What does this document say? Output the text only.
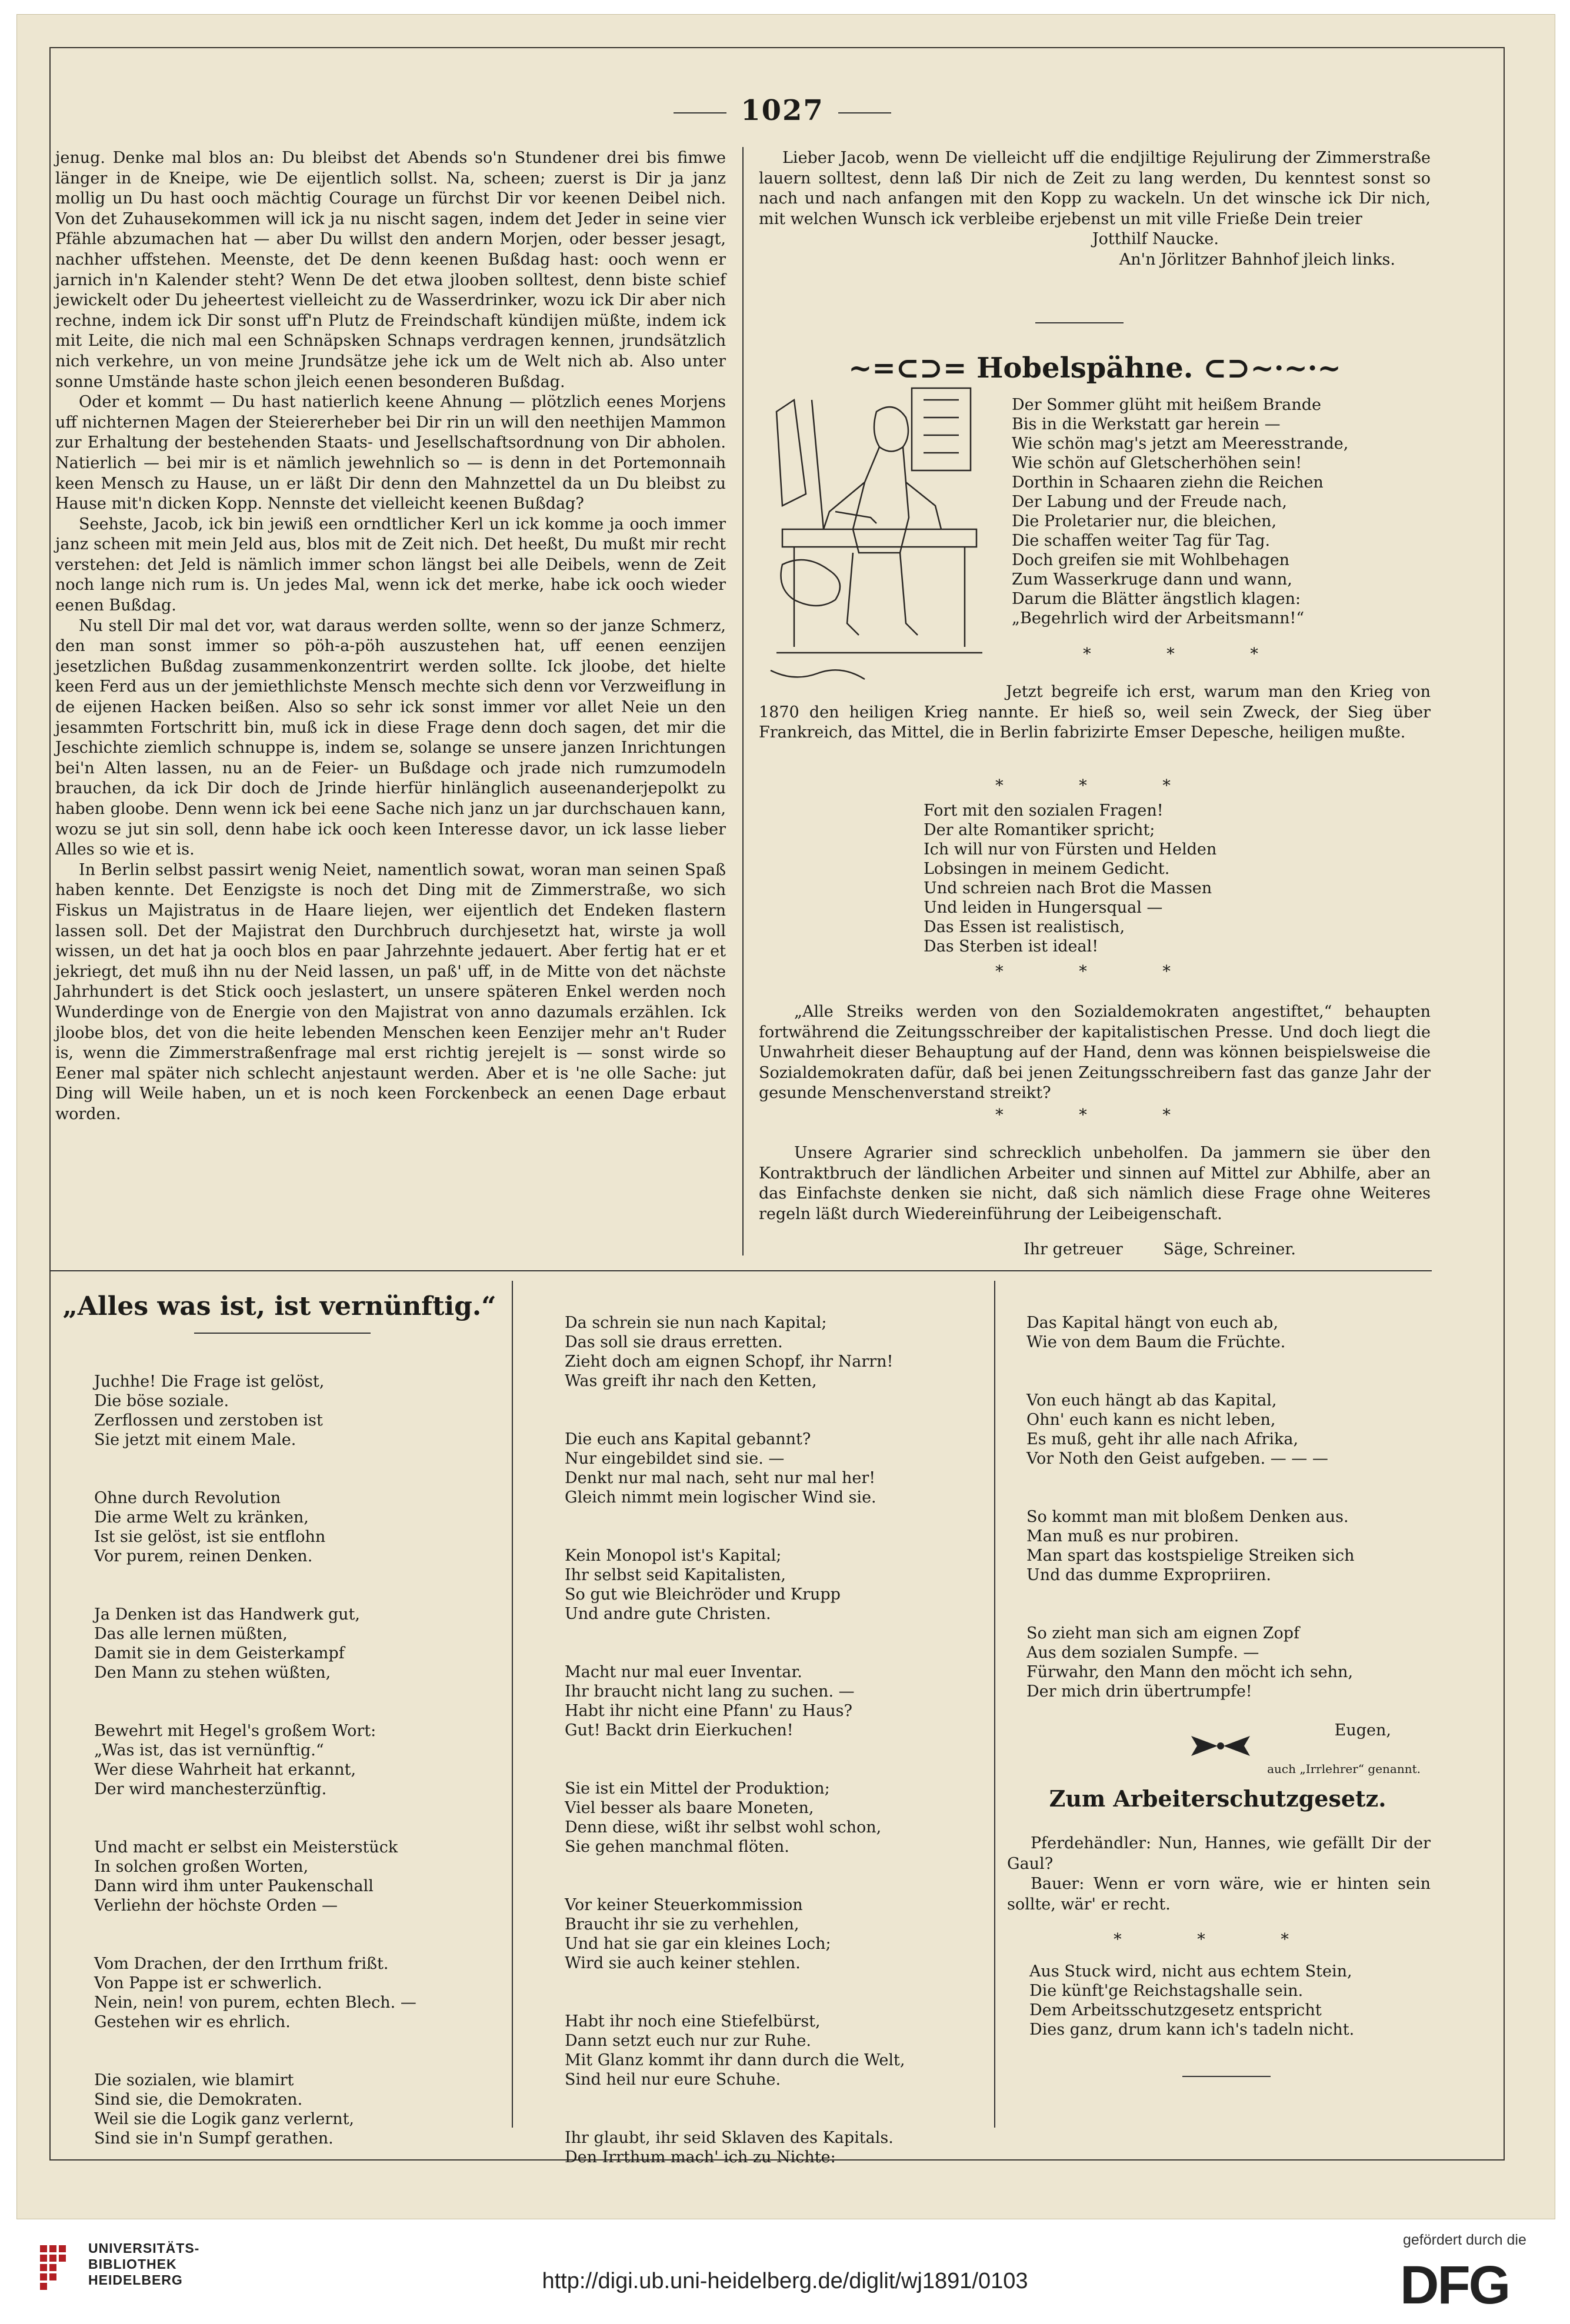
1027

jenug. Denke mal blos an: Du bleibst det Abends so'n Stundener drei bis fimwe länger in de Kneipe, wie De eijentlich sollst. Na, scheen; zuerst is Dir ja janz mollig un Du hast ooch mächtig Courage un fürchst Dir vor keenen Deibel nich. Von det Zuhausekommen will ick ja nu nischt sagen, indem det Jeder in seine vier Pfähle abzumachen hat — aber Du willst den andern Morjen, oder besser jesagt, nachher uffstehen. Meenste, det De denn keenen Bußdag hast: ooch wenn er jarnich in'n Kalender steht? Wenn De det etwa jlooben solltest, denn biste schief jewickelt oder Du jeheertest vielleicht zu de Wasserdrinker, wozu ick Dir aber nich rechne, indem ick Dir sonst uff'n Plutz de Freindschaft kündijen müßte, indem ick mit Leite, die nich mal een Schnäpsken Schnaps verdragen kennen, jrundsätzlich nich verkehre, un von meine Jrundsätze jehe ick um de Welt nich ab. Also unter sonne Umstände haste schon jleich eenen besonderen Bußdag.

Oder et kommt — Du hast natierlich keene Ahnung — plötzlich eenes Morjens uff nichternen Magen der Steiererheber bei Dir rin un will den neethijen Mammon zur Erhaltung der bestehenden Staats- und Jesellschaftsordnung von Dir abholen. Natierlich — bei mir is et nämlich jewehnlich so — is denn in det Portemonnaih keen Mensch zu Hause, un er läßt Dir denn den Mahnzettel da un Du bleibst zu Hause mit'n dicken Kopp. Nennste det vielleicht keenen Bußdag?

Seehste, Jacob, ick bin jewiß een orndtlicher Kerl un ick komme ja ooch immer janz scheen mit mein Jeld aus, blos mit de Zeit nich. Det heeßt, Du mußt mir recht verstehen: det Jeld is nämlich immer schon längst bei alle Deibels, wenn de Zeit noch lange nich rum is. Un jedes Mal, wenn ick det merke, habe ick ooch wieder eenen Bußdag.

Nu stell Dir mal det vor, wat daraus werden sollte, wenn so der janze Schmerz, den man sonst immer so pöh-a-pöh auszustehen hat, uff eenen eenzijen jesetzlichen Bußdag zusammenkonzentrirt werden sollte. Ick jloobe, det hielte keen Ferd aus un der jemiethlichste Mensch mechte sich denn vor Verzweiflung in de eijenen Hacken beißen. Also so sehr ick sonst immer vor allet Neie un den jesammten Fortschritt bin, muß ick in diese Frage denn doch sagen, det mir die Jeschichte ziemlich schnuppe is, indem se, solange se unsere janzen Inrichtungen bei'n Alten lassen, nu an de Feier- un Bußdage och jrade nich rumzumodeln brauchen, da ick Dir doch de Jrinde hierfür hinlänglich auseenanderjepolkt zu haben gloobe. Denn wenn ick bei eene Sache nich janz un jar durchschauen kann, wozu se jut sin soll, denn habe ick ooch keen Interesse davor, un ick lasse lieber Alles so wie et is.

In Berlin selbst passirt wenig Neiet, namentlich sowat, woran man seinen Spaß haben kennte. Det Eenzigste is noch det Ding mit de Zimmerstraße, wo sich Fiskus un Majistratus in de Haare liejen, wer eijentlich det Endeken flastern lassen soll. Det der Majistrat den Durchbruch durchjesetzt hat, wirste ja woll wissen, un det hat ja ooch blos en paar Jahrzehnte jedauert. Aber fertig hat er et jekriegt, det muß ihn nu der Neid lassen, un paß' uff, in de Mitte von det nächste Jahrhundert is det Stick ooch jeslastert, un unsere späteren Enkel werden noch Wunderdinge von de Energie von den Majistrat von anno dazumals erzählen. Ick jloobe blos, det von die heite lebenden Menschen keen Eenzijer mehr an't Ruder is, wenn die Zimmerstraßenfrage mal erst richtig jerejelt is — sonst wirde so Eener mal später nich schlecht anjestaunt werden. Aber et is 'ne olle Sache: jut Ding will Weile haben, un et is noch keen Forckenbeck an eenen Dage erbaut worden.

Lieber Jacob, wenn De vielleicht uff die endjiltige Rejulirung der Zimmerstraße lauern solltest, denn laß Dir nich de Zeit zu lang werden, Du kenntest sonst so nach und nach anfangen mit den Kopp zu wackeln. Un det winsche ick Dir nich, mit welchen Wunsch ick verbleibe erjebenst un mit ville Frieße Dein treier

Jotthilf Naucke.
An'n Jörlitzer Bahnhof jleich links.
~=⊂⊃= Hobelspähne. ⊂⊃~·~·~
Der Sommer glüht mit heißem Brande
Bis in die Werkstatt gar herein —
Wie schön mag's jetzt am Meeresstrande,
Wie schön auf Gletscherhöhen sein!
Dorthin in Schaaren ziehn die Reichen
Der Labung und der Freude nach,
Die Proletarier nur, die bleichen,
Die schaffen weiter Tag für Tag.
Doch greifen sie mit Wohlbehagen
Zum Wasserkruge dann und wann,
Darum die Blätter ängstlich klagen:
„Begehrlich wird der Arbeitsmann!“
* * *
Jetzt begreife ich erst, warum man den Krieg von 1870 den heiligen Krieg nannte. Er hieß so, weil sein Zweck, der Sieg über Frankreich, das Mittel, die in Berlin fabrizirte Emser Depesche, heiligen mußte.
* * *
Fort mit den sozialen Fragen!
Der alte Romantiker spricht;
Ich will nur von Fürsten und Helden
Lobsingen in meinem Gedicht.
Und schreien nach Brot die Massen
Und leiden in Hungersqual —
Das Essen ist realistisch,
Das Sterben ist ideal!
* * *
„Alle Streiks werden von den Sozialdemokraten angestiftet,“ behaupten fortwährend die Zeitungsschreiber der kapitalistischen Presse. Und doch liegt die Unwahrheit dieser Behauptung auf der Hand, denn was können beispielsweise die Sozialdemokraten dafür, daß bei jenen Zeitungsschreibern fast das ganze Jahr der gesunde Menschenverstand streikt?
* * *
Unsere Agrarier sind schrecklich unbeholfen. Da jammern sie über den Kontraktbruch der ländlichen Arbeiter und sinnen auf Mittel zur Abhilfe, aber an das Einfachste denken sie nicht, daß sich nämlich diese Frage ohne Weiteres regeln läßt durch Wiedereinführung der Leibeigenschaft.
Ihr getreuer        Säge, Schreiner.
„Alles was ist, ist vernünftig.“

Juchhe! Die Frage ist gelöst,
Die böse soziale.
Zerflossen und zerstoben ist
Sie jetzt mit einem Male.

Ohne durch Revolution
Die arme Welt zu kränken,
Ist sie gelöst, ist sie entflohn
Vor purem, reinen Denken.

Ja Denken ist das Handwerk gut,
Das alle lernen müßten,
Damit sie in dem Geisterkampf
Den Mann zu stehen wüßten,

Bewehrt mit Hegel's großem Wort:
„Was ist, das ist vernünftig.“
Wer diese Wahrheit hat erkannt,
Der wird manchesterzünftig.

Und macht er selbst ein Meisterstück
In solchen großen Worten,
Dann wird ihm unter Paukenschall
Verliehn der höchste Orden —

Vom Drachen, der den Irrthum frißt.
Von Pappe ist er schwerlich.
Nein, nein! von purem, echten Blech. —
Gestehen wir es ehrlich.

Die sozialen, wie blamirt
Sind sie, die Demokraten.
Weil sie die Logik ganz verlernt,
Sind sie in'n Sumpf gerathen.

Da schrein sie nun nach Kapital;
Das soll sie draus erretten.
Zieht doch am eignen Schopf, ihr Narrn!
Was greift ihr nach den Ketten,

Die euch ans Kapital gebannt?
Nur eingebildet sind sie. —
Denkt nur mal nach, seht nur mal her!
Gleich nimmt mein logischer Wind sie.

Kein Monopol ist's Kapital;
Ihr selbst seid Kapitalisten,
So gut wie Bleichröder und Krupp
Und andre gute Christen.

Macht nur mal euer Inventar.
Ihr braucht nicht lang zu suchen. —
Habt ihr nicht eine Pfann' zu Haus?
Gut! Backt drin Eierkuchen!

Sie ist ein Mittel der Produktion;
Viel besser als baare Moneten,
Denn diese, wißt ihr selbst wohl schon,
Sie gehen manchmal flöten.

Vor keiner Steuerkommission
Braucht ihr sie zu verhehlen,
Und hat sie gar ein kleines Loch;
Wird sie auch keiner stehlen.

Habt ihr noch eine Stiefelbürst,
Dann setzt euch nur zur Ruhe.
Mit Glanz kommt ihr dann durch die Welt,
Sind heil nur eure Schuhe.

Ihr glaubt, ihr seid Sklaven des Kapitals.
Den Irrthum mach' ich zu Nichte:

Das Kapital hängt von euch ab,
Wie von dem Baum die Früchte.

Von euch hängt ab das Kapital,
Ohn' euch kann es nicht leben,
Es muß, geht ihr alle nach Afrika,
Vor Noth den Geist aufgeben. — — —

So kommt man mit bloßem Denken aus.
Man muß es nur probiren.
Man spart das kostspielige Streiken sich
Und das dumme Expropriiren.

So zieht man sich am eignen Zopf
Aus dem sozialen Sumpfe. —
Fürwahr, den Mann den möcht ich sehn,
Der mich drin übertrumpfe!

Eugen,

auch „Irrlehrer“ genannt.

Zum Arbeiterschutzgesetz.

Pferdehändler: Nun, Hannes, wie gefällt Dir der Gaul?

Bauer: Wenn er vorn wäre, wie er hinten sein sollte, wär' er recht.

* * *
Aus Stuck wird, nicht aus echtem Stein,
Die künft'ge Reichstagshalle sein.
Dem Arbeitsschutzgesetz entspricht
Dies ganz, drum kann ich's tadeln nicht.
UNIVERSITÄTS-
BIBLIOTHEK
HEIDELBERG	http://digi.ub.uni-heidelberg.de/diglit/wj1891/0103
gefördert durch die
DFG
